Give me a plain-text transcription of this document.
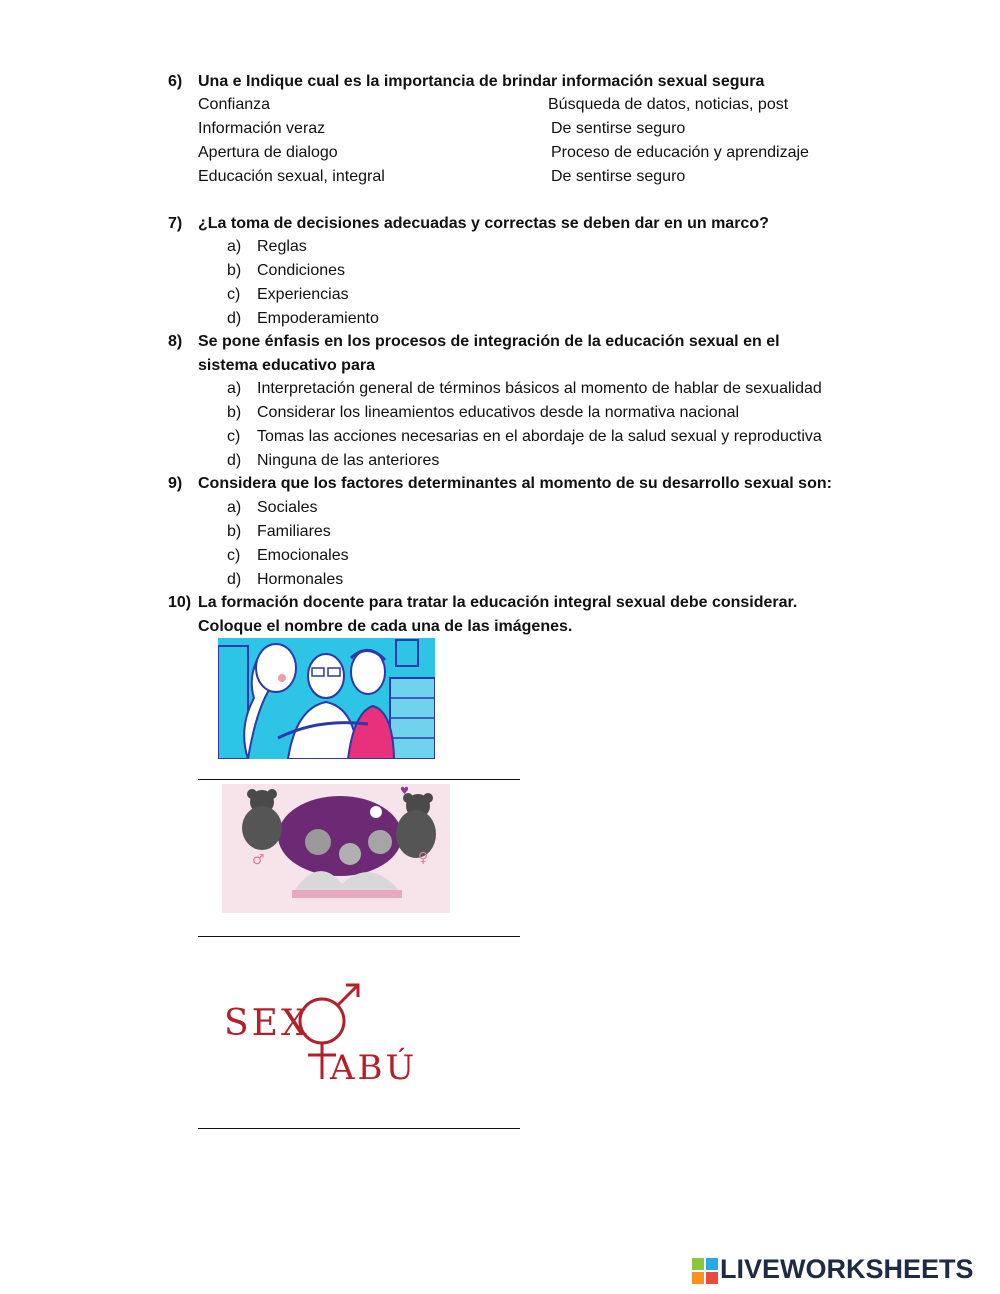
6) Una e Indique cual es la importancia de brindar información sexual segura
Confianza
Información veraz
Apertura de dialogo
Educación sexual, integral
Búsqueda de datos, noticias, post
De sentirse seguro
Proceso de educación y aprendizaje
De sentirse seguro
7) ¿La toma de decisiones adecuadas y correctas se deben dar en un marco?
a) Reglas
b) Condiciones
c) Experiencias
d) Empoderamiento
8) Se pone énfasis en los procesos de integración de la educación sexual en el sistema educativo para
a) Interpretación general de términos básicos al momento de hablar de sexualidad
b) Considerar los lineamientos educativos desde la normativa nacional
c) Tomas las acciones necesarias en el abordaje de la salud sexual y reproductiva
d) Ninguna de las anteriores
9) Considera que los factores determinantes al momento de su desarrollo sexual son:
a) Sociales
b) Familiares
c) Emocionales
d) Hormonales
10) La formación docente para tratar la educación integral sexual debe considerar. Coloque el nombre de cada una de las imágenes.
♂	♀
♥
SEX
ABÚ
LIVEWORKSHEETS
